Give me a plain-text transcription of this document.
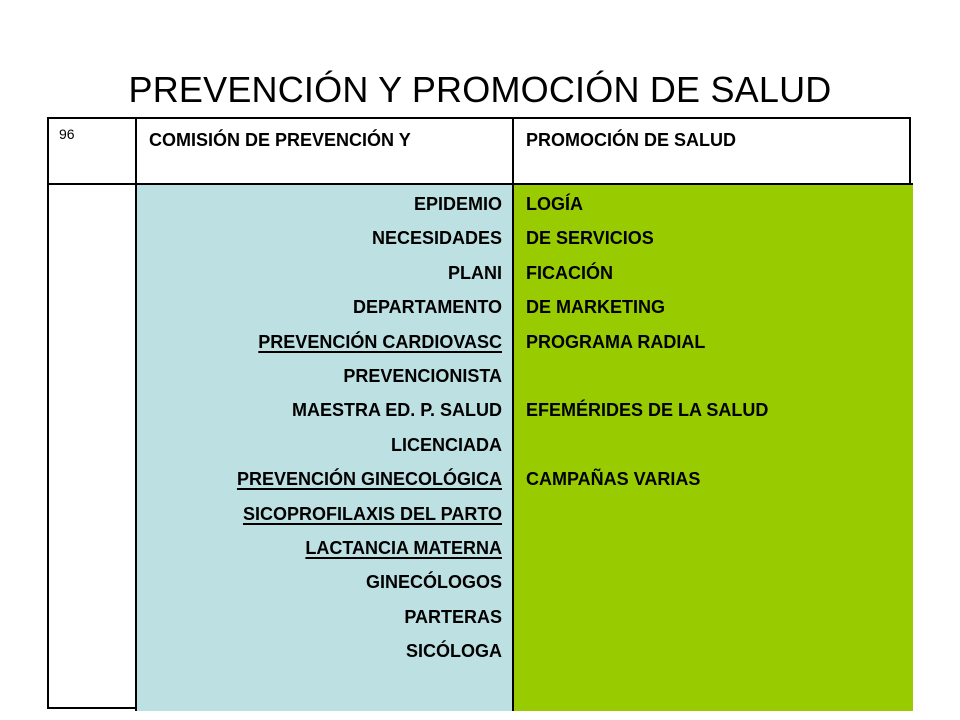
PREVENCIÓN Y PROMOCIÓN DE SALUD
96	COMISIÓN DE PREVENCIÓN Y	PROMOCIÓN DE SALUD
EPIDEMIO
NECESIDADES
PLANI
DEPARTAMENTO
PREVENCIÓN CARDIOVASC
PREVENCIONISTA
MAESTRA ED. P. SALUD
LICENCIADA
PREVENCIÓN GINECOLÓGICA
SICOPROFILAXIS DEL PARTO
LACTANCIA MATERNA
GINECÓLOGOS
PARTERAS
SICÓLOGA
LOGÍA
DE SERVICIOS
FICACIÓN
DE MARKETING
PROGRAMA RADIAL
EFEMÉRIDES DE LA SALUD
CAMPAÑAS VARIAS
